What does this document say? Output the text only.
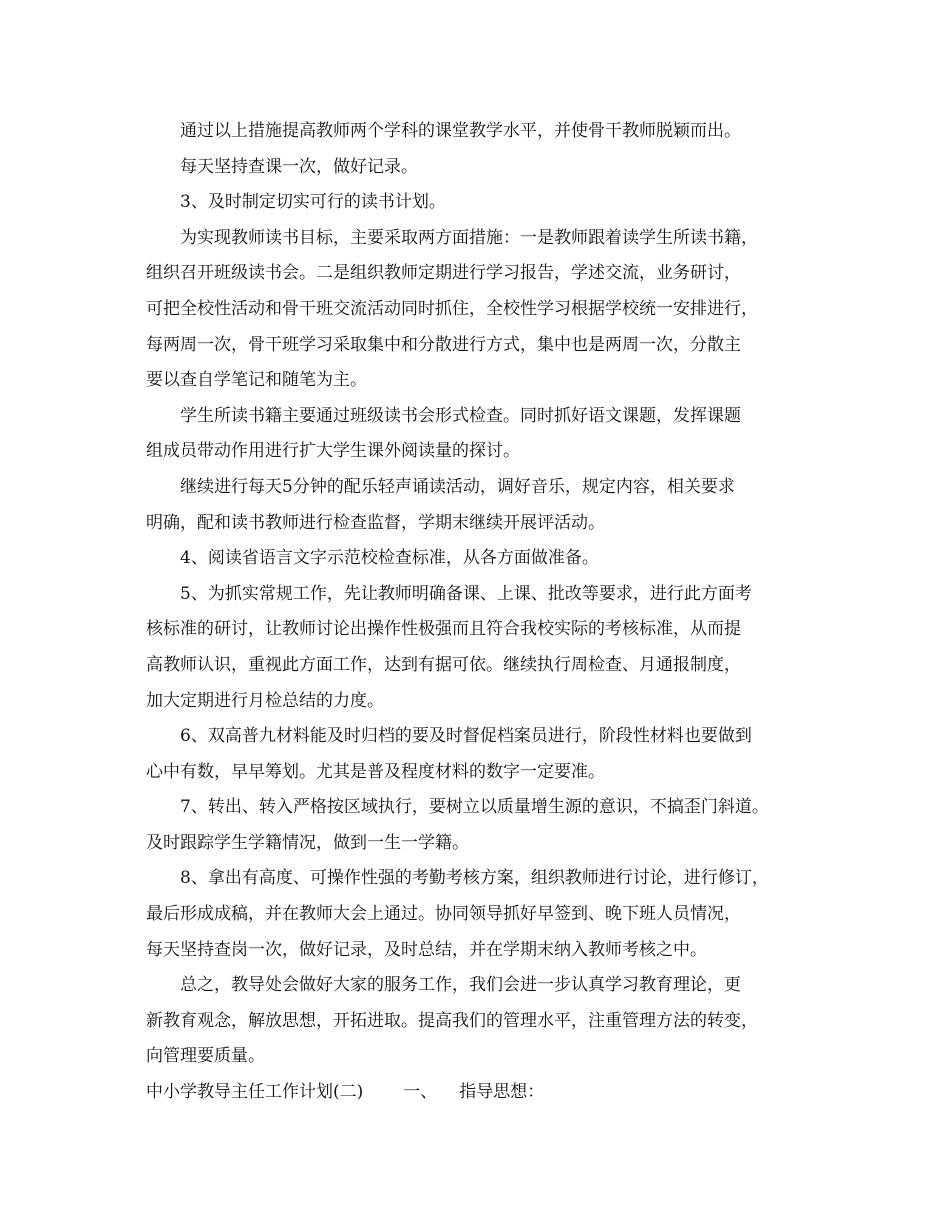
通过以上措施提高教师两个学科的课堂教学水平，并使骨干教师脱颖而出。
每天坚持查课一次，做好记录。
3、及时制定切实可行的读书计划。
为实现教师读书目标，主要采取两方面措施：一是教师跟着读学生所读书籍，
组织召开班级读书会。二是组织教师定期进行学习报告，学述交流，业务研讨，
可把全校性活动和骨干班交流活动同时抓住，全校性学习根据学校统一安排进行，
每两周一次，骨干班学习采取集中和分散进行方式，集中也是两周一次，分散主
要以查自学笔记和随笔为主。
学生所读书籍主要通过班级读书会形式检查。同时抓好语文课题，发挥课题
组成员带动作用进行扩大学生课外阅读量的探讨。
继续进行每天5分钟的配乐轻声诵读活动，调好音乐，规定内容，相关要求
明确，配和读书教师进行检查监督，学期末继续开展评活动。
4、阅读省语言文字示范校检查标准，从各方面做准备。
5、为抓实常规工作，先让教师明确备课、上课、批改等要求，进行此方面考
核标准的研讨，让教师讨论出操作性极强而且符合我校实际的考核标准，从而提
高教师认识，重视此方面工作，达到有据可依。继续执行周检查、月通报制度，
加大定期进行月检总结的力度。
6、双高普九材料能及时归档的要及时督促档案员进行，阶段性材料也要做到
心中有数，早早筹划。尤其是普及程度材料的数字一定要准。
7、转出、转入严格按区域执行，要树立以质量增生源的意识，不搞歪门斜道。
及时跟踪学生学籍情况，做到一生一学籍。
8、拿出有高度、可操作性强的考勤考核方案，组织教师进行讨论，进行修订，
最后形成成稿，并在教师大会上通过。协同领导抓好早签到、晚下班人员情况，
每天坚持查岗一次，做好记录，及时总结，并在学期末纳入教师考核之中。
总之，教导处会做好大家的服务工作，我们会进一步认真学习教育理论，更
新教育观念，解放思想，开拓进取。提高我们的管理水平，注重管理方法的转变，
向管理要质量。
中小学教导主任工作计划(二) 一、 指导思想：
